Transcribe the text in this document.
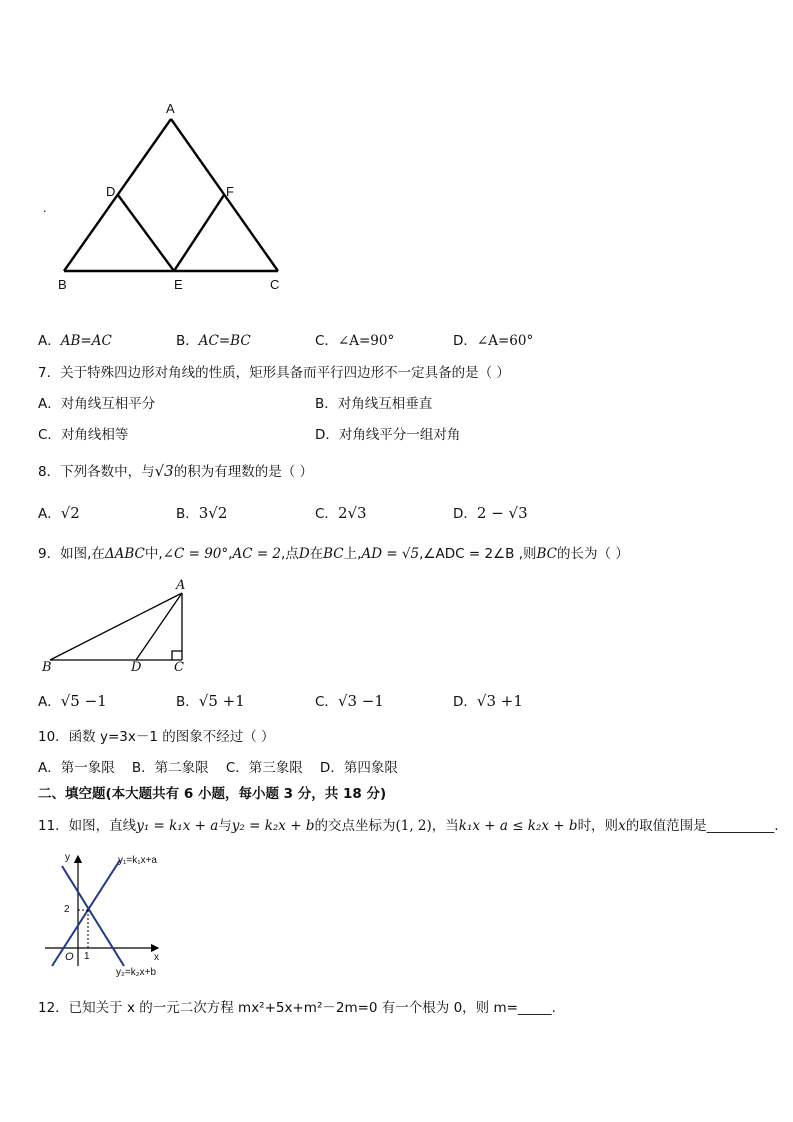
A
D	F
B	E	C
.
A．AB=AC	B．AC=BC	C．∠A=90°	D．∠A=60°
7．关于特殊四边形对角线的性质，矩形具备而平行四边形不一定具备的是（ ）
A．对角线互相平分	B．对角线互相垂直
C．对角线相等	D．对角线平分一组对角
8．下列各数中，与√3的积为有理数的是（ ）
A．√2	B．3√2	C．2√3	D．2 − √3
9．如图,在ΔABC中,∠C = 90°,AC = 2,点D在BC上,AD = √5,∠ADC = 2∠B ,则BC的长为（ ）
A
B	D	C
A．√5 −1	B．√5 +1	C．√3 −1	D．√3 +1
10．函数 y=3x－1 的图象不经过（ ）
A．第一象限    B．第二象限    C．第三象限    D．第四象限
二、填空题(本大题共有 6 小题，每小题 3 分，共 18 分)
11．如图，直线y₁ = k₁x + a与y₂ = k₂x + b的交点坐标为(1, 2)，当k₁x + a ≤ k₂x + b时，则x的取值范围是__________.
y
x
O 1
2
y₁=k₁x+a
y₂=k₂x+b
12．已知关于 x 的一元二次方程 mx²+5x+m²－2m=0 有一个根为 0，则 m=_____.
